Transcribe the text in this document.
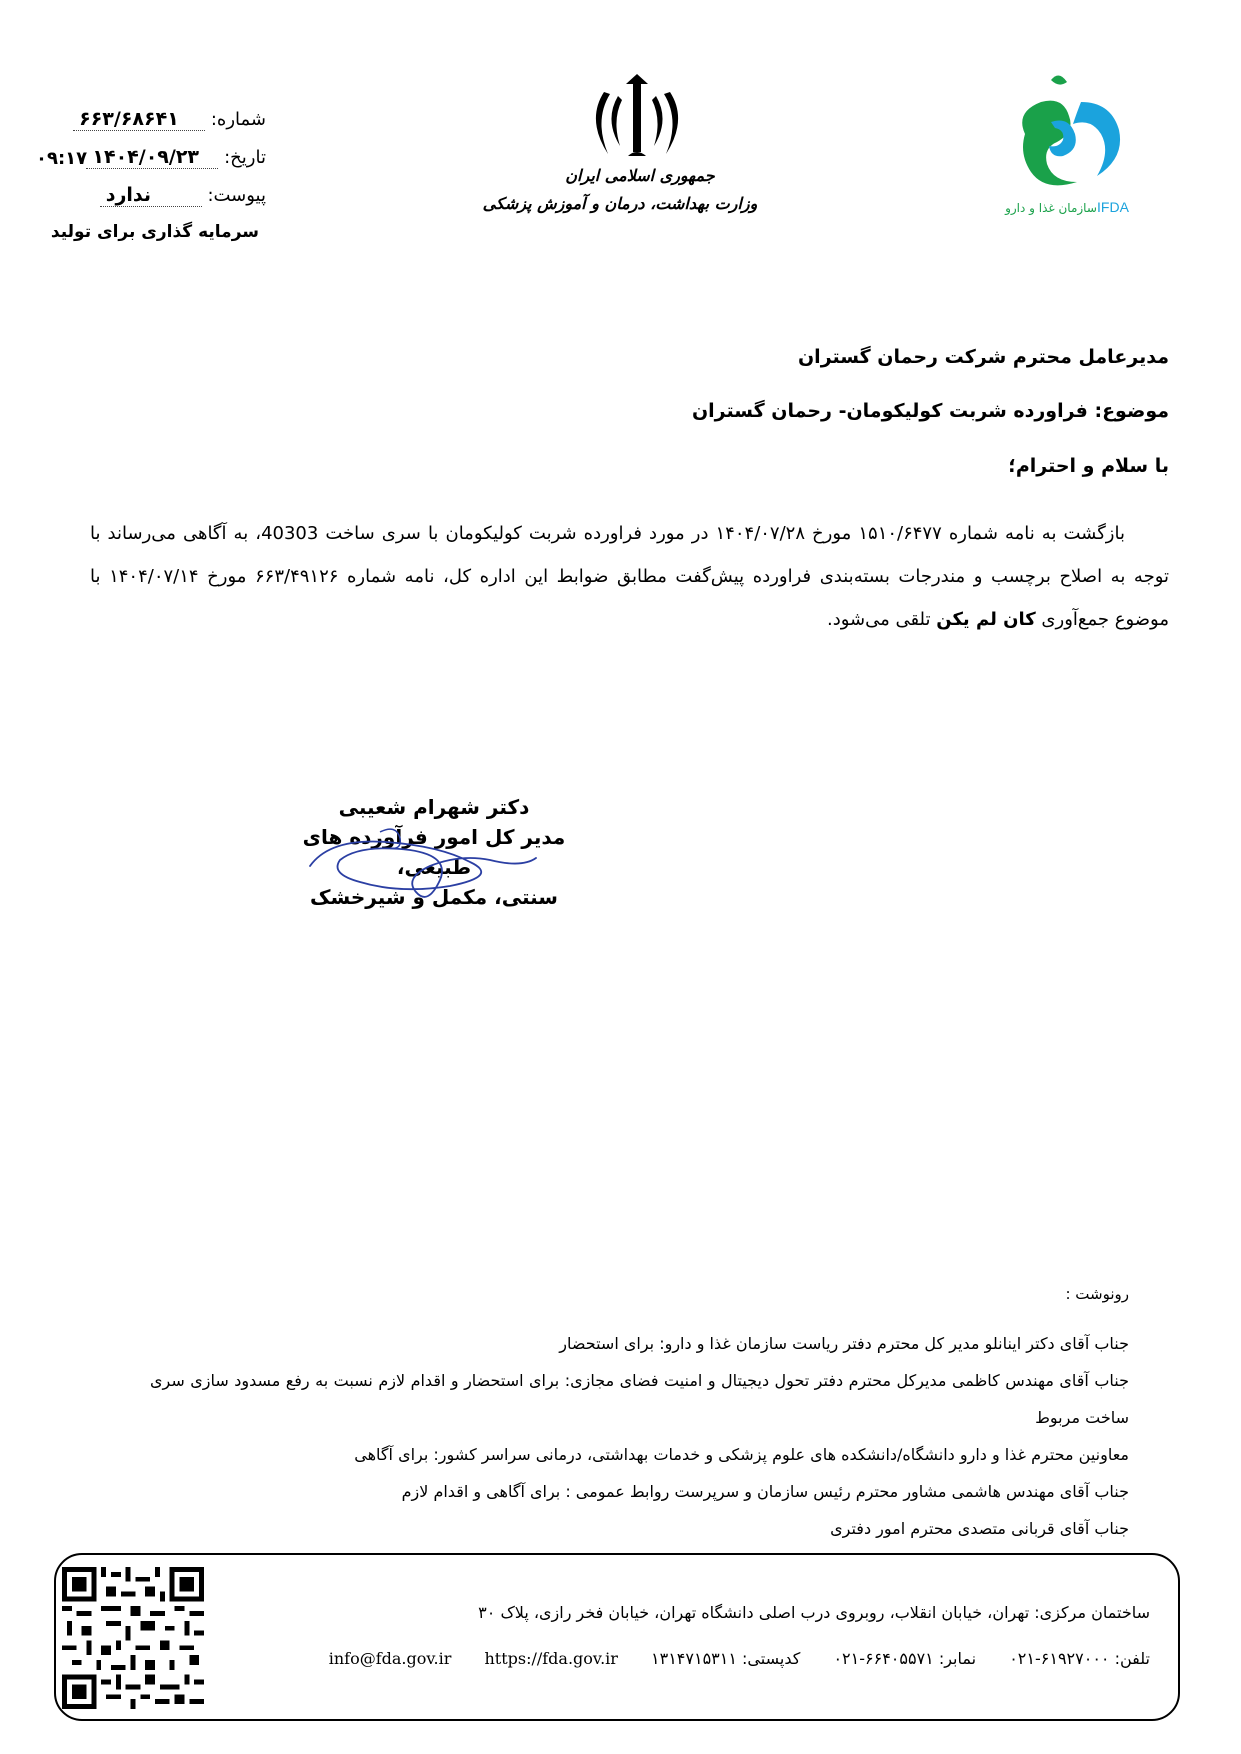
شماره: ۶۶۳/۶۸۶۴۱
تاریخ: ۱۴۰۴/۰۹/۲۳
۰۹:۱۷
پیوست: ندارد
سرمایه گذاری برای تولید
جمهوری اسلامی ایران
وزارت بهداشت، درمان و آموزش پزشکی	IFDA
سازمان غذا و دارو
مدیرعامل محترم شرکت رحمان گستران
موضوع: فراورده شربت کولیکومان- رحمان گستران
با سلام و احترام؛
بازگشت به نامه شماره ۱۵۱۰/۶۴۷۷ مورخ ۱۴۰۴/۰۷/۲۸ در مورد فراورده شربت کولیکومان با سری ساخت 40303، به آگاهی می‌رساند با توجه به اصلاح برچسب و مندرجات بسته‌بندی فراورده پیش‌گفت مطابق ضوابط این اداره کل، نامه شماره ۶۶۳/۴۹۱۲۶ مورخ ۱۴۰۴/۰۷/۱۴ با موضوع جمع‌آوری کان لم یکن تلقی می‌شود.
دکتر شهرام شعیبی
مدیر کل امور فرآورده های طبیعی،
سنتی، مکمل و شیرخشک
رونوشت :
جناب آقای دکتر اینانلو مدیر کل محترم دفتر ریاست سازمان غذا و دارو: برای استحضار
جناب آقای مهندس کاظمی مدیرکل محترم دفتر تحول دیجیتال و امنیت فضای مجازی: برای استحضار و اقدام لازم نسبت به رفع مسدود سازی سری ساخت مربوط
معاونین محترم غذا و دارو دانشگاه/دانشکده های علوم پزشکی و خدمات بهداشتی، درمانی سراسر کشور: برای آگاهی
جناب آقای مهندس هاشمی مشاور محترم رئیس سازمان و سرپرست روابط عمومی : برای آگاهی و اقدام لازم
جناب آقای قربانی متصدی محترم امور دفتری
ساختمان مرکزی: تهران، خیابان انقلاب، روبروی درب اصلی دانشگاه تهران، خیابان فخر رازی، پلاک ۳۰
تلفن: ۶۱۹۲۷۰۰۰-۰۲۱ نمابر: ۶۶۴۰۵۵۷۱-۰۲۱ کدپستی: ۱۳۱۴۷۱۵۳۱۱ info@fda.gov.ir https://fda.gov.ir
